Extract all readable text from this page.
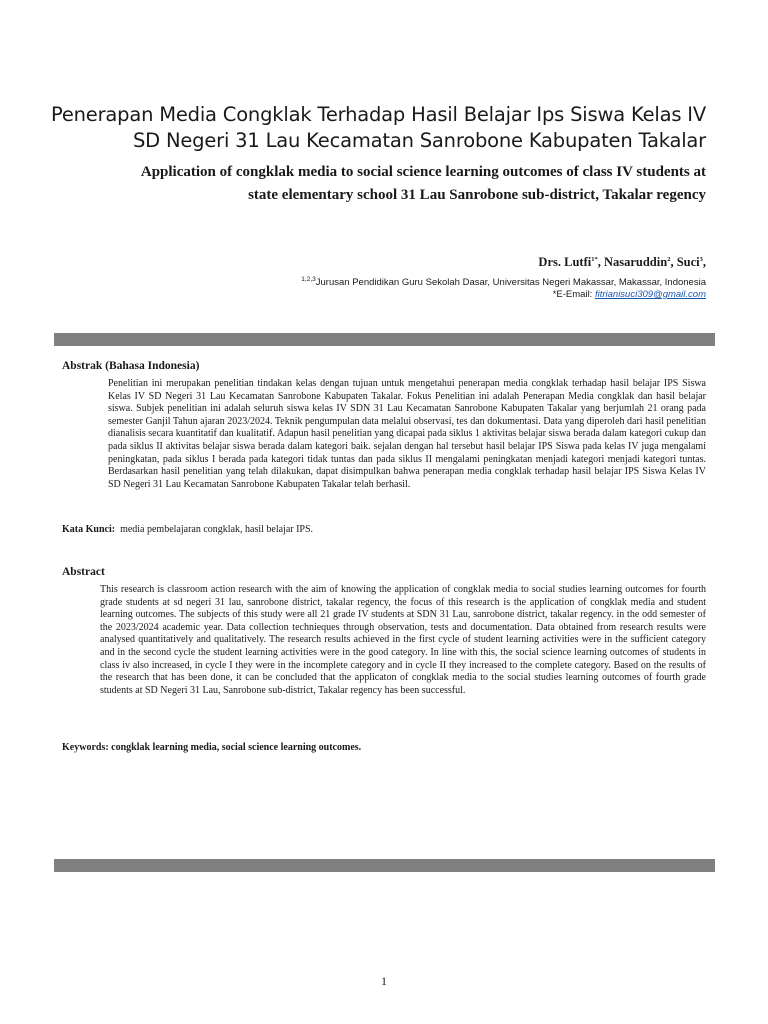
Penerapan Media Congklak Terhadap Hasil Belajar Ips Siswa Kelas IV
SD Negeri 31 Lau Kecamatan Sanrobone Kabupaten Takalar
Application of congklak media to social science learning outcomes of class IV students at
state elementary school 31 Lau Sanrobone sub-district, Takalar regency
Drs. Lutfi$^{1*}$, Nasaruddin$^2$, Suci$^3$,
$^{1,2,3}$Jurusan Pendidikan Guru Sekolah Dasar, Universitas Negeri Makassar, Makassar, Indonesia
*E-Email: fitrianisuci309@gmail.com
Abstrak (Bahasa Indonesia)
Penelitian ini merupakan penelitian tindakan kelas dengan tujuan untuk mengetahui penerapan media congklak terhadap hasil belajar IPS Siswa Kelas IV SD Negeri 31 Lau Kecamatan Sanrobone Kabupaten Takalar. Fokus Penelitian ini adalah Penerapan Media congklak dan hasil belajar siswa. Subjek penelitian ini adalah seluruh siswa kelas IV SDN 31 Lau Kecamatan Sanrobone Kabupaten Takalar yang berjumlah 21 orang pada semester Ganjil Tahun ajaran 2023/2024. Teknik pengumpulan data melalui observasi, tes dan dokumentasi. Data yang diperoleh dari hasil penelitian dianalisis secara kuantitatif dan kualitatif. Adapun hasil penelitian yang dicapai pada siklus 1 aktivitas belajar siswa berada dalam kategori cukup dan pada siklus II aktivitas belajar siswa berada dalam kategori baik. sejalan dengan hal tersebut hasil belajar IPS Siswa pada kelas IV juga mengalami peningkatan, pada siklus I berada pada kategori tidak tuntas dan pada siklus II mengalami peningkatan menjadi kategori menjadi kategori tuntas. Berdasarkan hasil penelitian yang telah dilakukan, dapat disimpulkan bahwa penerapan media congklak terhadap hasil belajar IPS Siswa Kelas IV SD Negeri 31 Lau Kecamatan Sanrobone Kabupaten Takalar telah berhasil.
Kata Kunci: media pembelajaran congklak, hasil belajar IPS.
Abstract
This research is classroom action research with the aim of knowing the application of congklak media to social studies learning outcomes for fourth grade students at sd negeri 31 lau, sanrobone district, takalar regency, the focus of this research is the application of congklak media and student learning outcomes. The subjects of this study were all 21 grade IV students at SDN 31 Lau, sanrobone district, takalar regency. in the odd semester of the 2023/2024 academic year. Data collection technieques through observation, tests and documentation. Data obtained from research results were analysed quantitatively and qualitatively. The research results achieved in the first cycle of student learning activities were in the sufficient category and in the second cycle the student learning activities were in the good category. In line with this, the social science learning outcomes of students in class iv also increased, in cycle I they were in the incomplete category and in cycle II they increased to the complete category. Based on the results of the research that has been done, it can be concluded that the applicaton of congklak media to the social studies learning outcomes of fourth grade students at SD Negeri 31 Lau, Sanrobone sub-district, Takalar regency has been successful.
Keywords: congklak learning media, social science learning outcomes.
1
